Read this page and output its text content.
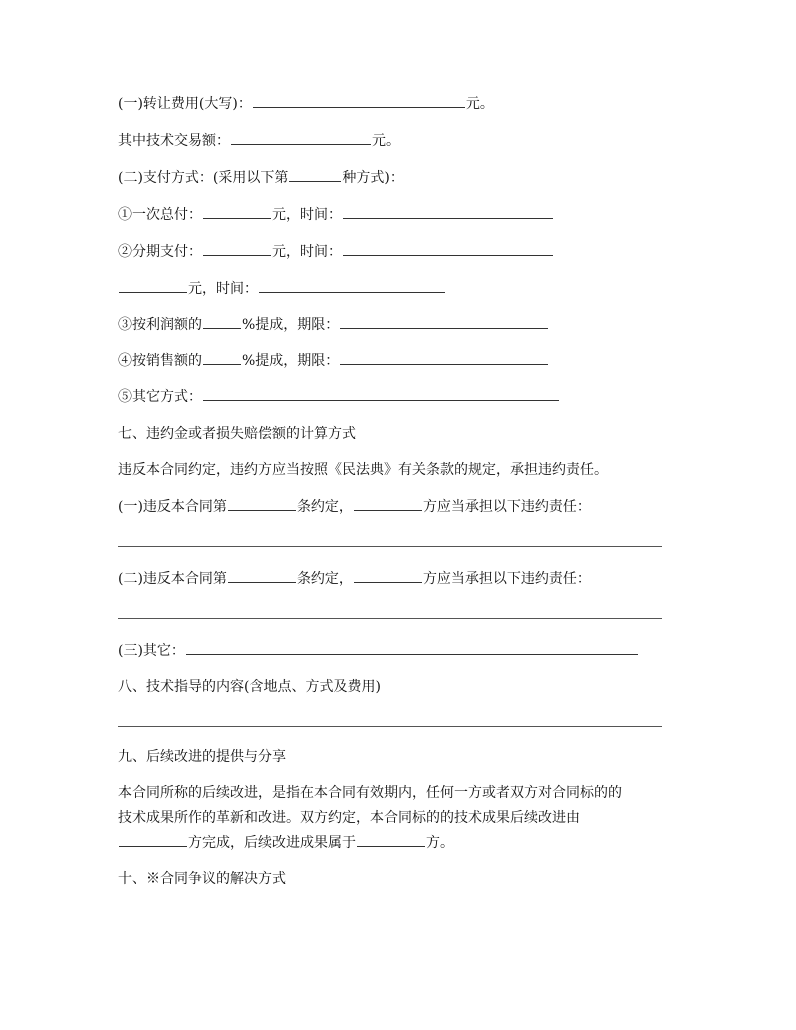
(一)转让费用(大写)：	元。
其中技术交易额：	元。
(二)支付方式：(采用以下第	种方式)：
①一次总付：	元，时间：
②分期支付：	元，时间：
元，时间：
③按利润额的	%提成，期限：
④按销售额的	%提成，期限：
⑤其它方式：
七、违约金或者损失赔偿额的计算方式
违反本合同约定，违约方应当按照《民法典》有关条款的规定，承担违约责任。
(一)违反本合同第	条约定，	方应当承担以下违约责任：
(二)违反本合同第	条约定，	方应当承担以下违约责任：
(三)其它：
八、技术指导的内容(含地点、方式及费用)
九、后续改进的提供与分享
本合同所称的后续改进，是指在本合同有效期内，任何一方或者双方对合同标的的
技术成果所作的革新和改进。双方约定，本合同标的的技术成果后续改进由
方完成，后续改进成果属于	方。
十、※合同争议的解决方式
